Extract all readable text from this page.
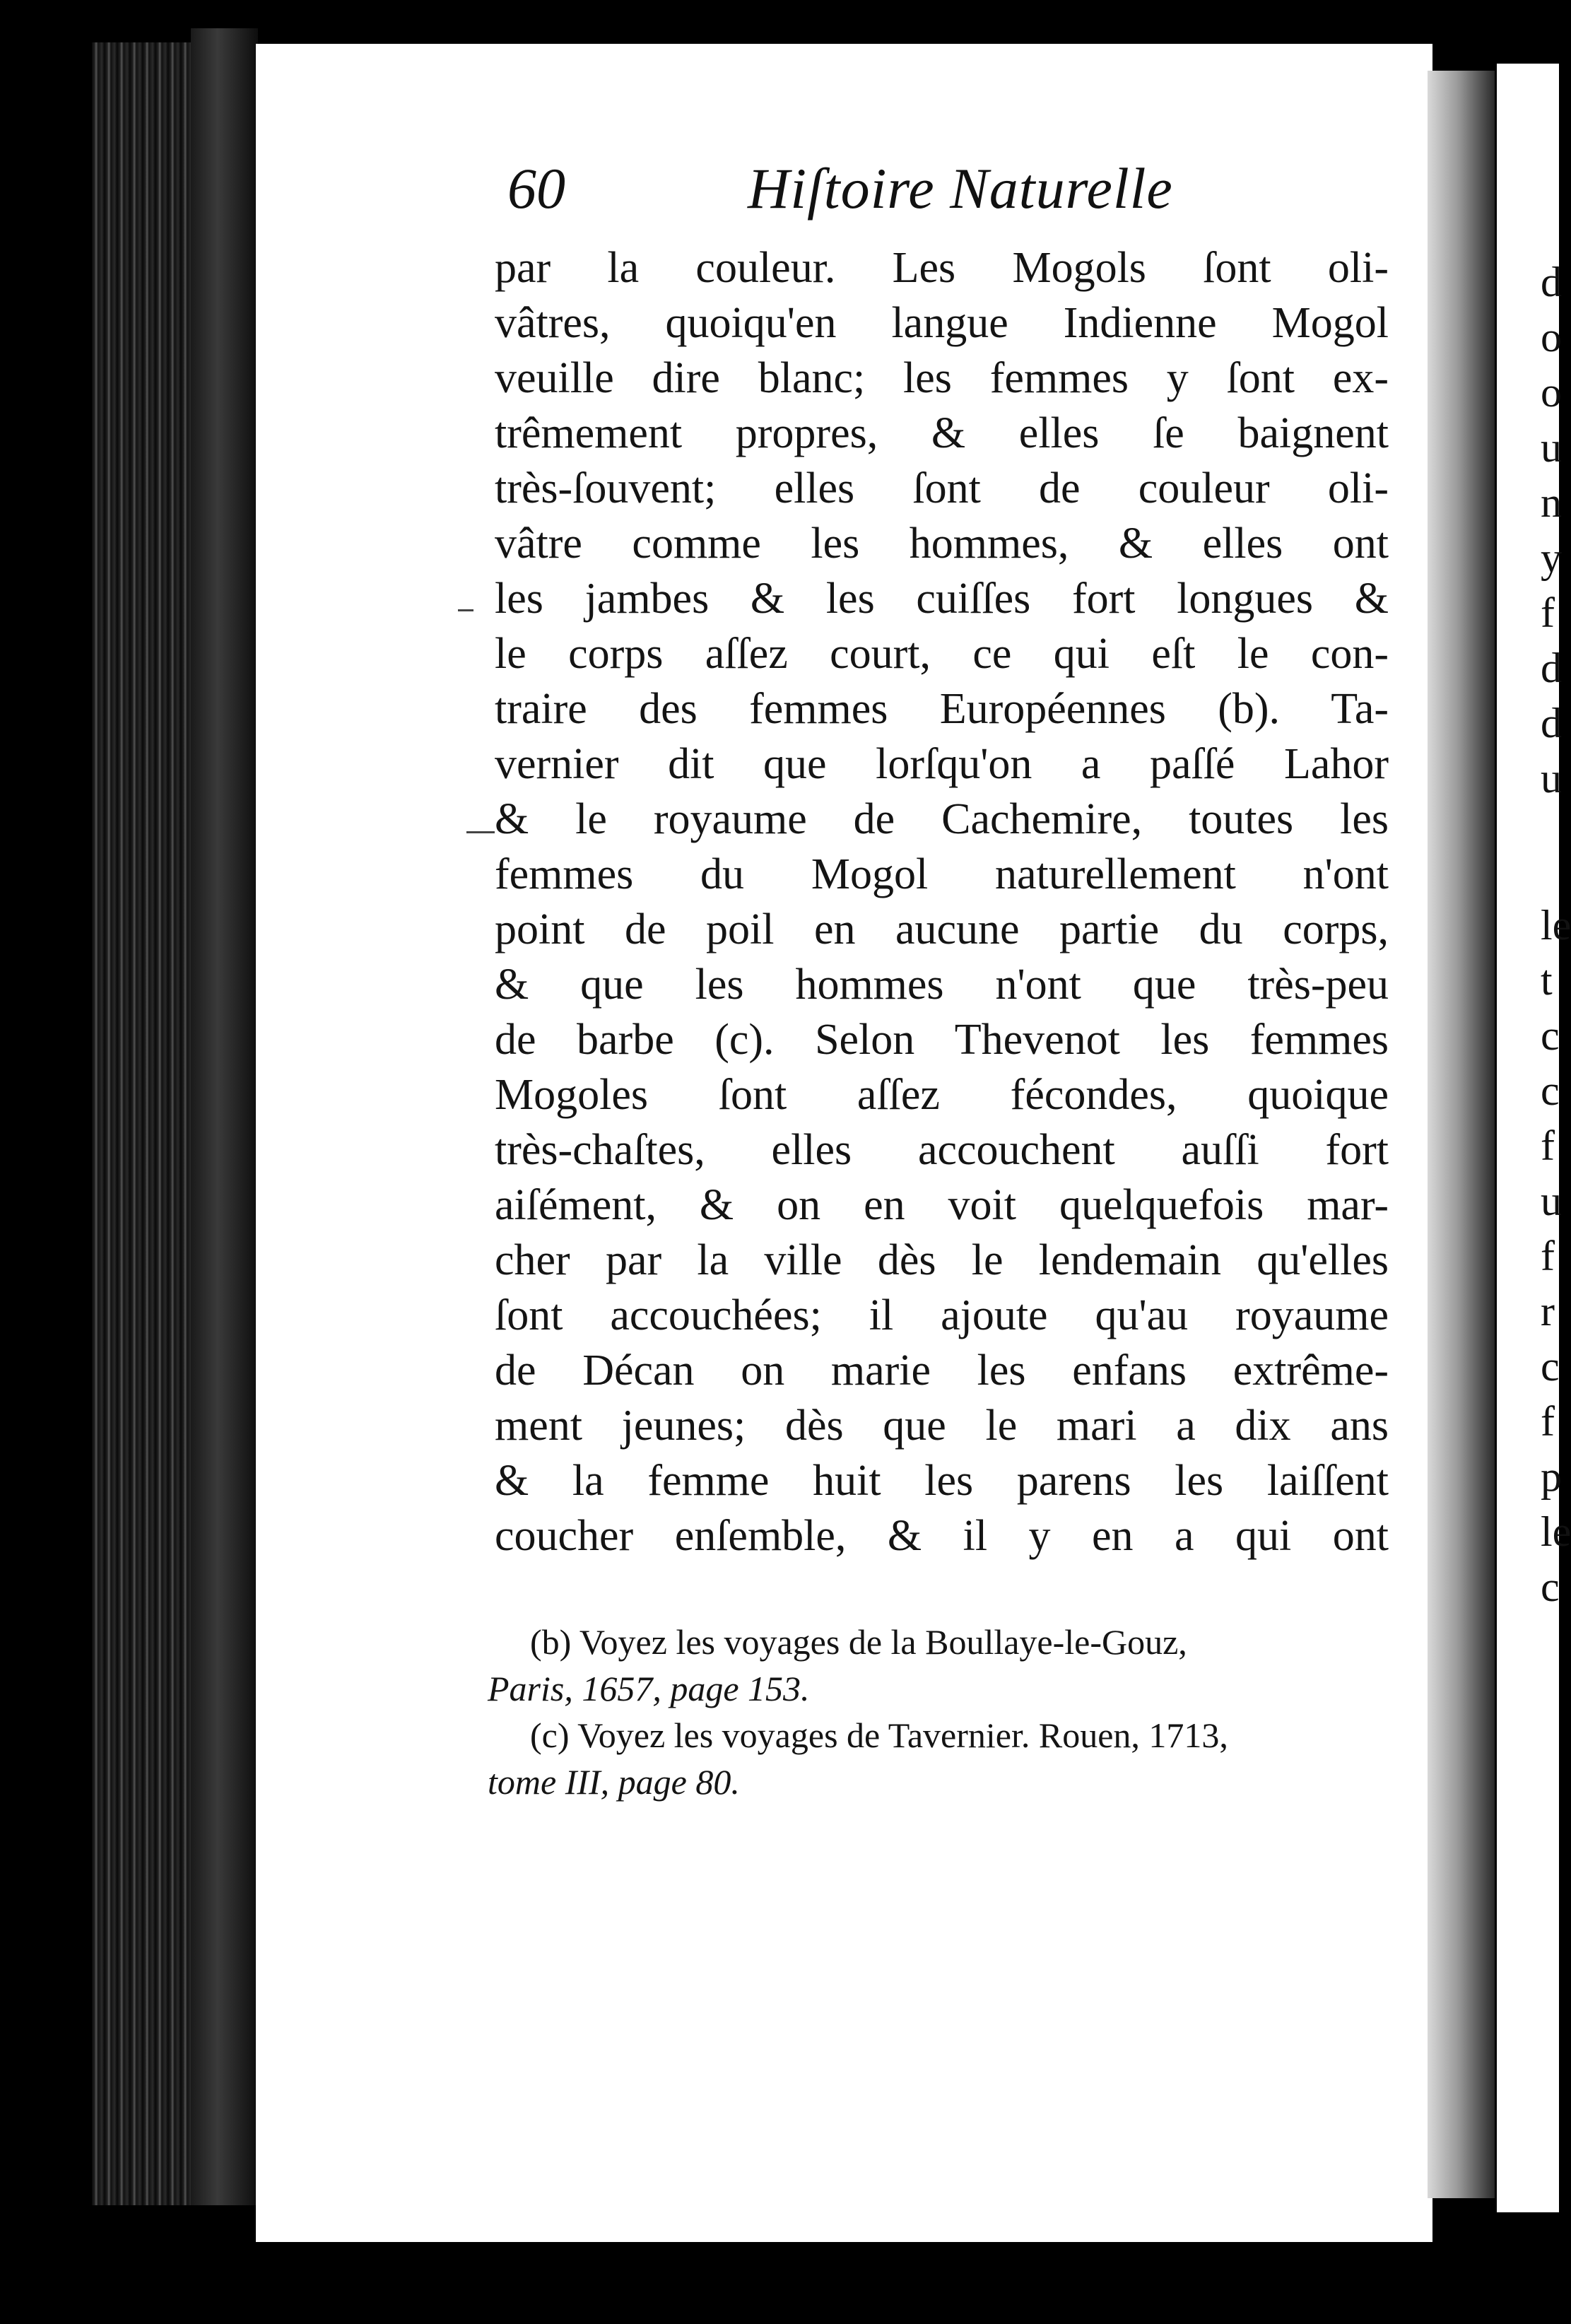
d
o
o
u
n
y
f
d
d
u
le
t
c
c
f
u
f
r
c
f
p
le
c
60	Hiſtoire Naturelle
par la couleur. Les Mogols ſont oli-
vâtres, quoiqu'en langue Indienne Mogol
veuille dire blanc; les femmes y ſont ex-
trêmement propres, & elles ſe baignent
très-ſouvent; elles ſont de couleur oli-
vâtre comme les hommes, & elles ont
les jambes & les cuiſſes fort longues &
le corps aſſez court, ce qui eſt le con-
traire des femmes Européennes (b). Ta-
vernier dit que lorſqu'on a paſſé Lahor
& le royaume de Cachemire, toutes les
femmes du Mogol naturellement n'ont
point de poil en aucune partie du corps,
& que les hommes n'ont que très-peu
de barbe (c). Selon Thevenot les femmes
Mogoles ſont aſſez fécondes, quoique
très-chaſtes, elles accouchent auſſi fort
aiſément, & on en voit quelquefois mar-
cher par la ville dès le lendemain qu'elles
ſont accouchées; il ajoute qu'au royaume
de Décan on marie les enfans extrême-
ment jeunes; dès que le mari a dix ans
& la femme huit les parens les laiſſent
coucher enſemble, & il y en a qui ont
(b) Voyez les voyages de la Boullaye-le-Gouz,
Paris, 1657, page 153.
(c) Voyez les voyages de Tavernier. Rouen, 1713,
tome III, page 80.
